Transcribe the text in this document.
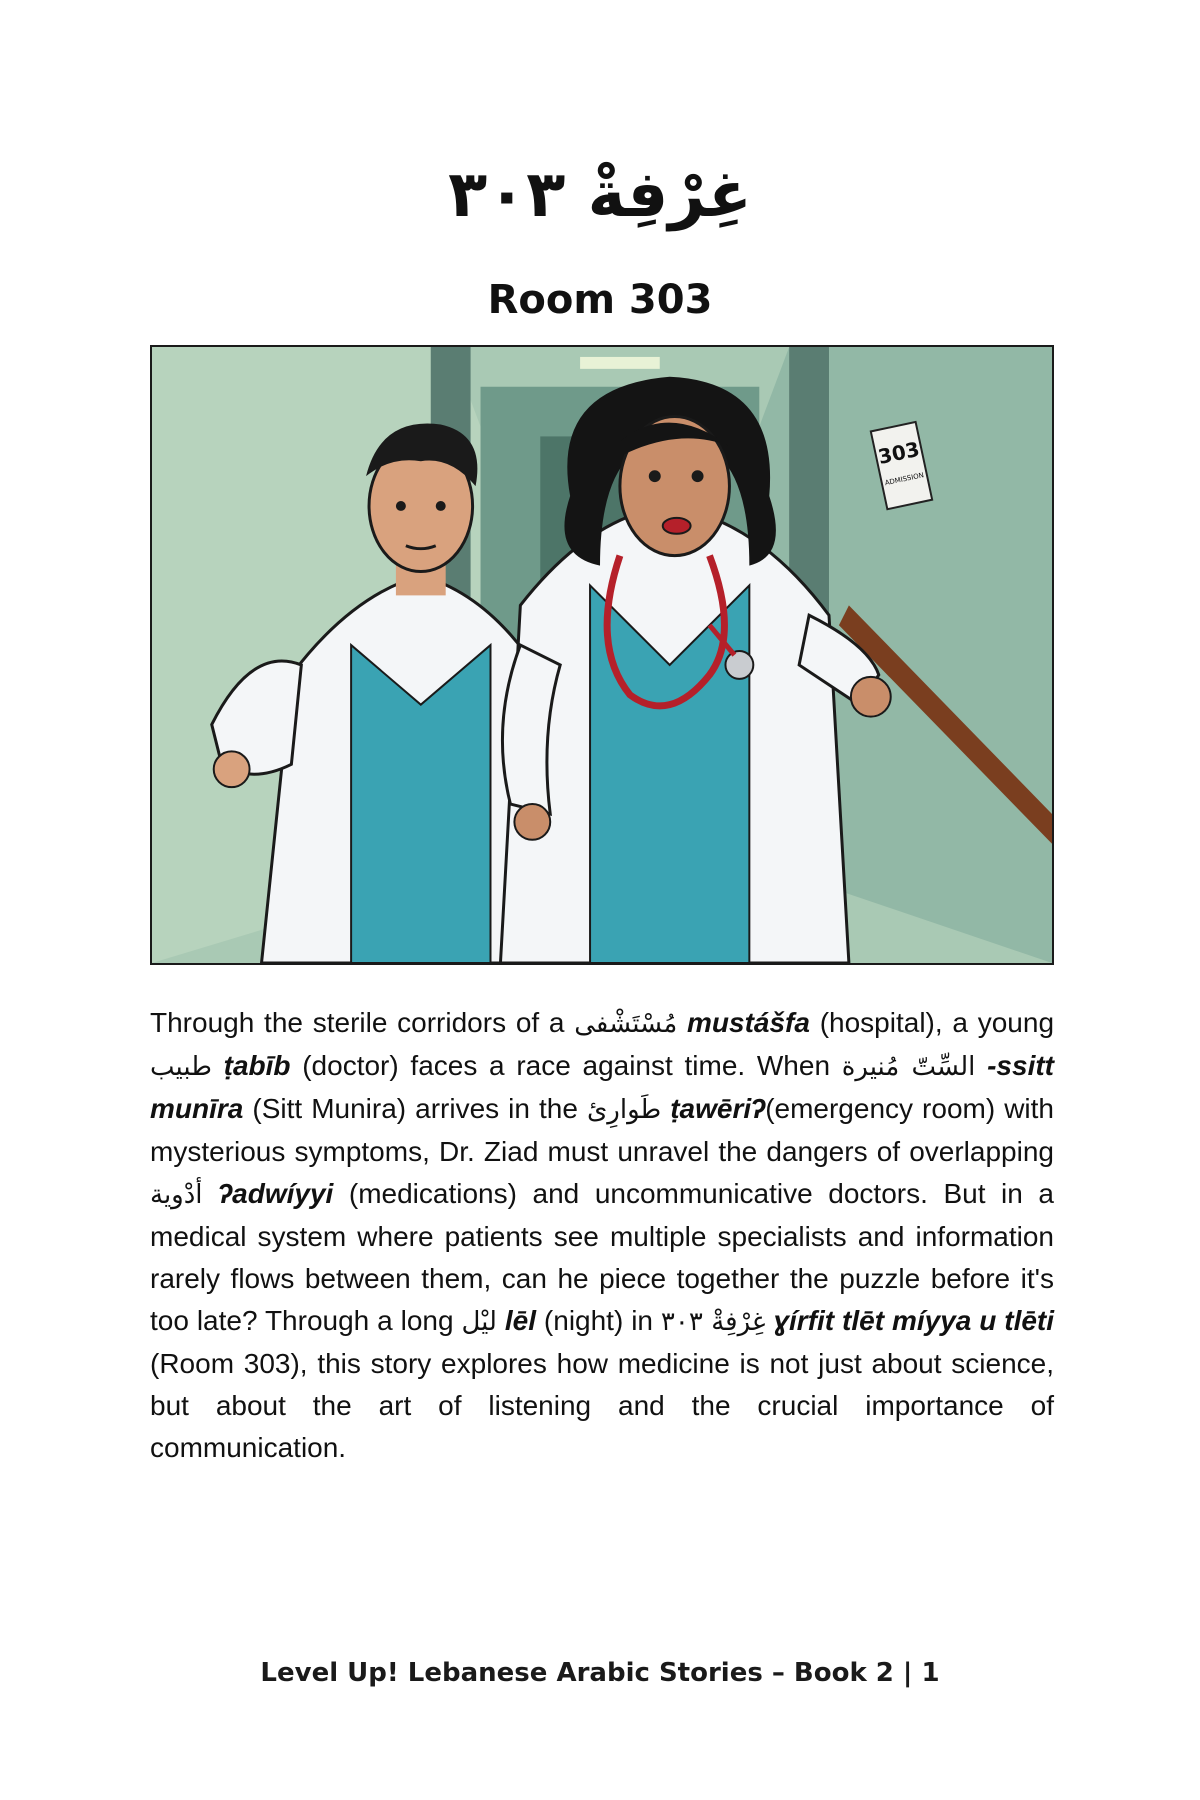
غِرْفِةْ ٣٠٣
Room 303
303
ADMISSION
Through the sterile corridors of a مُسْتَشْفى mustášfa (hospital), a young طبيب ṭabīb (doctor) faces a race against time. When السِّتّ مُنيرة -ssitt munīra (Sitt Munira) arrives in the طَوارِئ ṭawēriʔ(emergency room) with mysterious symptoms, Dr. Ziad must unravel the dangers of overlapping أدْوية ʔadwíyyi (medications) and uncommunicative doctors. But in a medical system where patients see multiple specialists and information rarely flows between them, can he piece together the puzzle before it's too late? Through a long ليْل lēl (night) in غِرْفِةْ ٣٠٣ ɣírfit tlēt míyya u tlēti (Room 303), this story explores how medicine is not just about science, but about the art of listening and the crucial importance of communication.
Level Up! Lebanese Arabic Stories – Book 2 | 1
